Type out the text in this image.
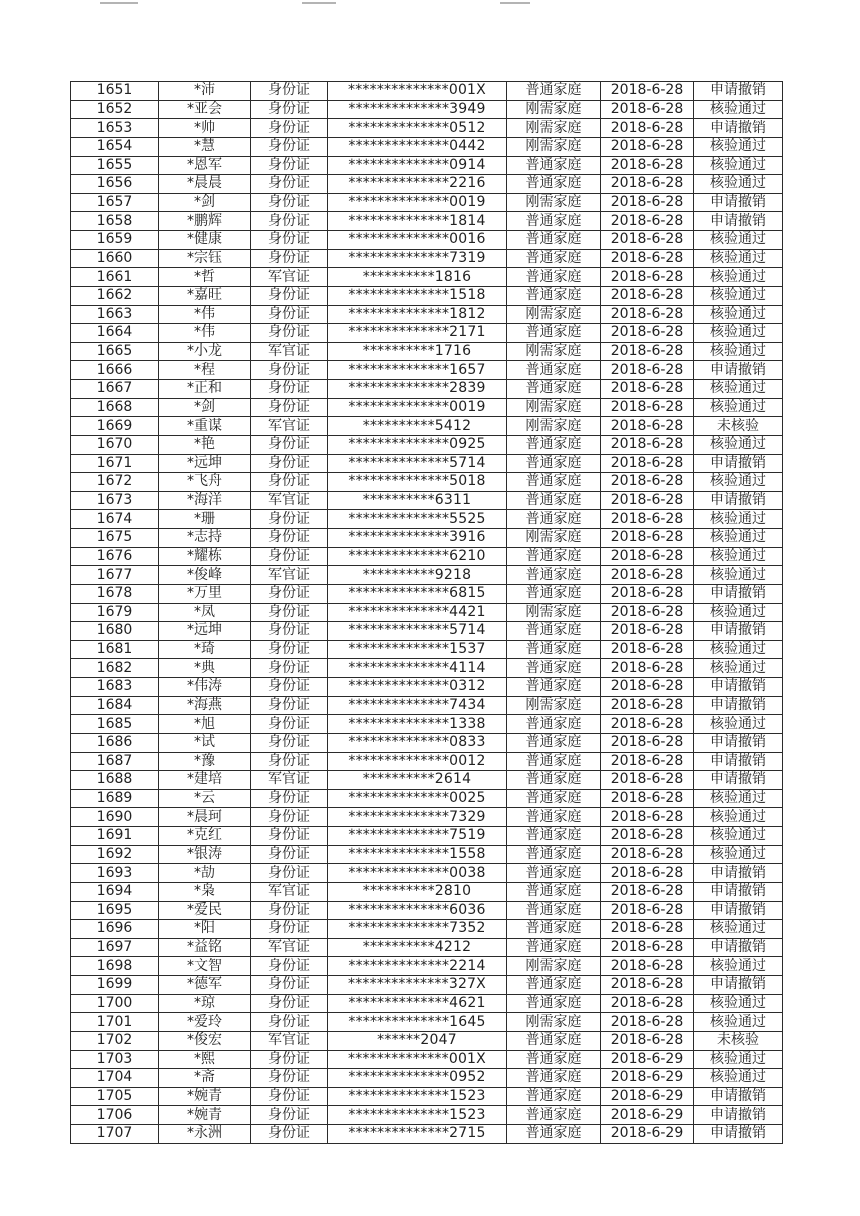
1651	*沛	身份证	**************001X	普通家庭	2018-6-28	申请撤销
1652	*亚会	身份证	**************3949	刚需家庭	2018-6-28	核验通过
1653	*帅	身份证	**************0512	刚需家庭	2018-6-28	申请撤销
1654	*慧	身份证	**************0442	刚需家庭	2018-6-28	核验通过
1655	*恩军	身份证	**************0914	普通家庭	2018-6-28	核验通过
1656	*晨晨	身份证	**************2216	普通家庭	2018-6-28	核验通过
1657	*剑	身份证	**************0019	刚需家庭	2018-6-28	申请撤销
1658	*鹏辉	身份证	**************1814	普通家庭	2018-6-28	申请撤销
1659	*健康	身份证	**************0016	普通家庭	2018-6-28	核验通过
1660	*宗钰	身份证	**************7319	普通家庭	2018-6-28	核验通过
1661	*哲	军官证	**********1816	普通家庭	2018-6-28	核验通过
1662	*嘉旺	身份证	**************1518	普通家庭	2018-6-28	核验通过
1663	*伟	身份证	**************1812	刚需家庭	2018-6-28	核验通过
1664	*伟	身份证	**************2171	普通家庭	2018-6-28	核验通过
1665	*小龙	军官证	**********1716	刚需家庭	2018-6-28	核验通过
1666	*程	身份证	**************1657	普通家庭	2018-6-28	申请撤销
1667	*正和	身份证	**************2839	普通家庭	2018-6-28	核验通过
1668	*剑	身份证	**************0019	刚需家庭	2018-6-28	核验通过
1669	*重谋	军官证	**********5412	刚需家庭	2018-6-28	未核验
1670	*艳	身份证	**************0925	普通家庭	2018-6-28	核验通过
1671	*远坤	身份证	**************5714	普通家庭	2018-6-28	申请撤销
1672	*飞舟	身份证	**************5018	普通家庭	2018-6-28	核验通过
1673	*海洋	军官证	**********6311	普通家庭	2018-6-28	申请撤销
1674	*珊	身份证	**************5525	普通家庭	2018-6-28	核验通过
1675	*志持	身份证	**************3916	刚需家庭	2018-6-28	核验通过
1676	*耀栋	身份证	**************6210	普通家庭	2018-6-28	核验通过
1677	*俊峰	军官证	**********9218	普通家庭	2018-6-28	核验通过
1678	*万里	身份证	**************6815	普通家庭	2018-6-28	申请撤销
1679	*凤	身份证	**************4421	刚需家庭	2018-6-28	核验通过
1680	*远坤	身份证	**************5714	普通家庭	2018-6-28	申请撤销
1681	*琦	身份证	**************1537	普通家庭	2018-6-28	核验通过
1682	*典	身份证	**************4114	普通家庭	2018-6-28	核验通过
1683	*伟涛	身份证	**************0312	普通家庭	2018-6-28	申请撤销
1684	*海燕	身份证	**************7434	刚需家庭	2018-6-28	申请撤销
1685	*旭	身份证	**************1338	普通家庭	2018-6-28	核验通过
1686	*试	身份证	**************0833	普通家庭	2018-6-28	申请撤销
1687	*豫	身份证	**************0012	普通家庭	2018-6-28	申请撤销
1688	*建培	军官证	**********2614	普通家庭	2018-6-28	申请撤销
1689	*云	身份证	**************0025	普通家庭	2018-6-28	核验通过
1690	*晨珂	身份证	**************7329	普通家庭	2018-6-28	核验通过
1691	*克红	身份证	**************7519	普通家庭	2018-6-28	核验通过
1692	*银涛	身份证	**************1558	普通家庭	2018-6-28	核验通过
1693	*劼	身份证	**************0038	普通家庭	2018-6-28	申请撤销
1694	*枭	军官证	**********2810	普通家庭	2018-6-28	申请撤销
1695	*爱民	身份证	**************6036	普通家庭	2018-6-28	申请撤销
1696	*阳	身份证	**************7352	普通家庭	2018-6-28	核验通过
1697	*益铭	军官证	**********4212	普通家庭	2018-6-28	申请撤销
1698	*文智	身份证	**************2214	刚需家庭	2018-6-28	核验通过
1699	*德军	身份证	**************327X	普通家庭	2018-6-28	申请撤销
1700	*琼	身份证	**************4621	普通家庭	2018-6-28	核验通过
1701	*爱玲	身份证	**************1645	刚需家庭	2018-6-28	核验通过
1702	*俊宏	军官证	******2047	普通家庭	2018-6-28	未核验
1703	*熙	身份证	**************001X	普通家庭	2018-6-29	核验通过
1704	*斋	身份证	**************0952	普通家庭	2018-6-29	核验通过
1705	*婉青	身份证	**************1523	普通家庭	2018-6-29	申请撤销
1706	*婉青	身份证	**************1523	普通家庭	2018-6-29	申请撤销
1707	*永洲	身份证	**************2715	普通家庭	2018-6-29	申请撤销
